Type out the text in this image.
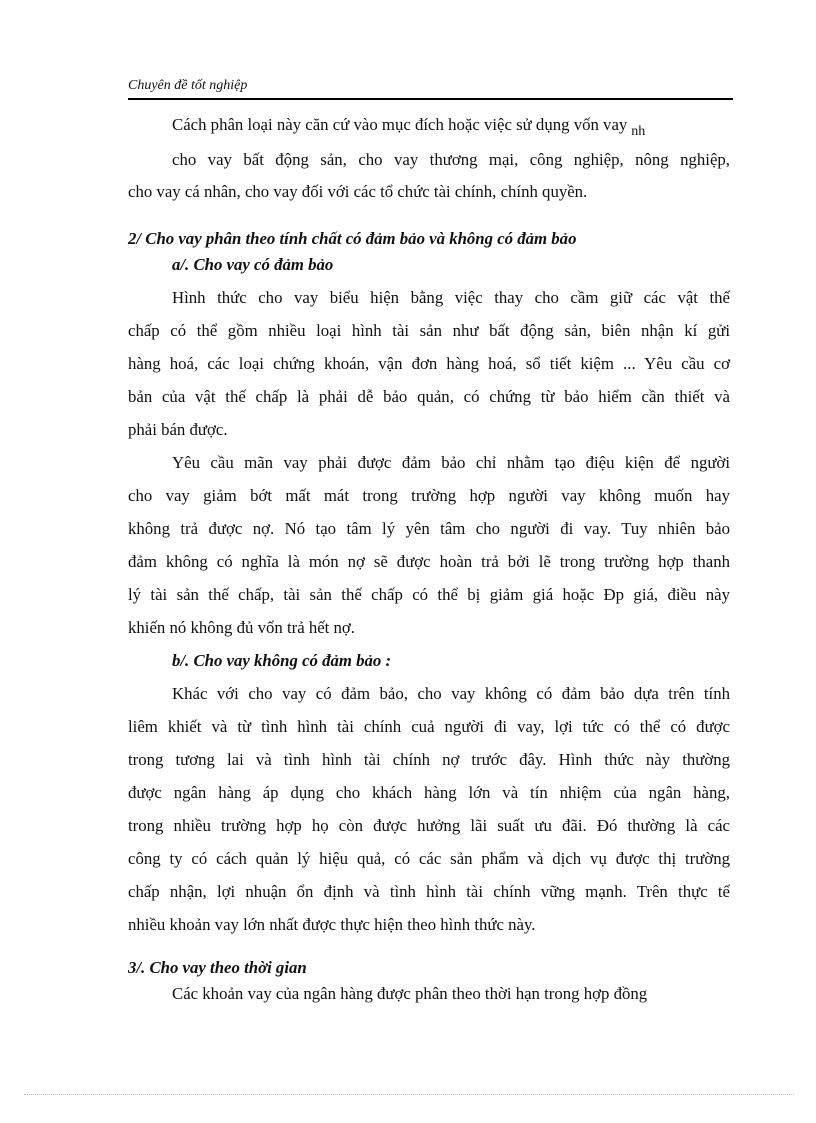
Chuyên đề tốt nghiệp
Cách phân loại này căn cứ vào mục đích hoặc việc sử dụng vốn vay $_{nh}$
cho vay bất động sản, cho vay thương mại, công nghiệp, nông nghiệp,
cho vay cá nhân, cho vay đối với các tổ chức tài chính, chính quyền.
2/ Cho vay phân theo tính chất có đảm bảo và không có đảm bảo
a/. Cho vay có đảm bảo
Hình thức cho vay biểu hiện bằng việc thay cho cầm giữ các vật thế
chấp có thể gồm nhiều loại hình tài sản như bất động sản, biên nhận kí gửi
hàng hoá, các loại chứng khoán, vận đơn hàng hoá, sổ tiết kiệm ... Yêu cầu cơ
bản của vật thế chấp là phải dễ bảo quản, có chứng từ bảo hiểm cần thiết và
phải bán được.
Yêu cầu mãn vay phải được đảm bảo chỉ nhằm tạo điệu kiện để người
cho vay giảm bớt mất mát trong trường hợp người vay không muốn hay
không trả được nợ. Nó tạo tâm lý yên tâm cho người đi vay. Tuy nhiên bảo
đảm không có nghĩa là món nợ sẽ được hoàn trả bởi lẽ trong trường hợp thanh
lý tài sản thế chấp, tài sản thế chấp có thể bị giảm giá hoặc Đp giá, điều này
khiến nó không đủ vốn trả hết nợ.
b/. Cho vay không có đảm bảo :
Khác với cho vay có đảm bảo, cho vay không có đảm bảo dựa trên tính
liêm khiết và từ tình hình tài chính cuả người đi vay, lợi tức có thể có được
trong tương lai và tình hình tài chính nợ trước đây. Hình thức này thường
được ngân hàng áp dụng cho khách hàng lớn và tín nhiệm của ngân hàng,
trong nhiều trường hợp họ còn được hưởng lãi suất ưu đãi. Đó thường là các
công ty có cách quản lý hiệu quả, có các sản phẩm và dịch vụ được thị trường
chấp nhận, lợi nhuận ổn định và tình hình tài chính vững mạnh. Trên thực tế
nhiều khoản vay lớn nhất được thực hiện theo hình thức này.
3/. Cho vay theo thời gian
Các khoản vay của ngân hàng được phân theo thời hạn trong hợp đồng
